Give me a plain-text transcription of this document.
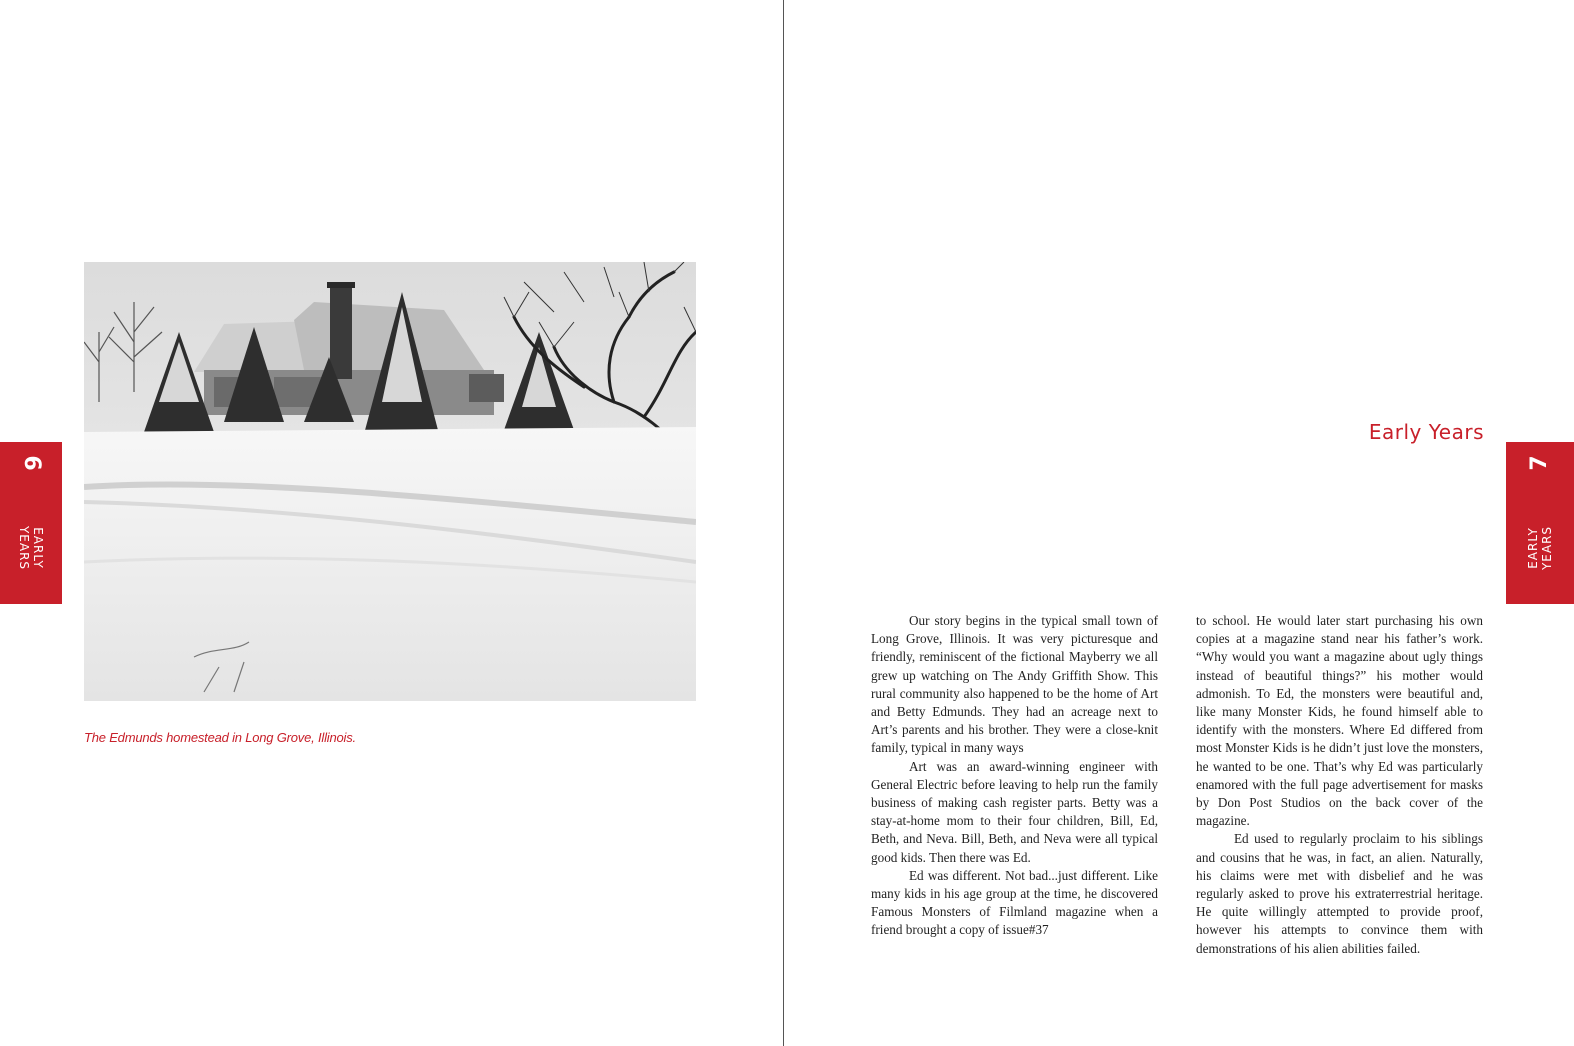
6
EARLY
YEARS
The Edmunds homestead in Long Grove, Illinois.
Early Years
7
EARLY
YEARS

Our story begins in the typical small town of Long Grove, Illinois. It was very picturesque and friendly, reminiscent of the fictional Mayberry we all grew up watching on The Andy Griffith Show. This rural community also happened to be the home of Art and Betty Edmunds. They had an acreage next to Art’s parents and his brother. They were a close-knit family, typical in many ways

Art was an award-winning engineer with General Electric before leaving to help run the family business of making cash register parts. Betty was a stay-at-home mom to their four children, Bill, Ed, Beth, and Neva. Bill, Beth, and Neva were all typical good kids. Then there was Ed.

Ed was different. Not bad...just different. Like many kids in his age group at the time, he discovered Famous Monsters of Filmland magazine when a friend brought a copy of issue#37

to school. He would later start purchasing his own copies at a magazine stand near his father’s work. “Why would you want a magazine about ugly things instead of beautiful things?” his mother would admonish. To Ed, the monsters were beautiful and, like many Monster Kids, he found himself able to identify with the monsters. Where Ed differed from most Monster Kids is he didn’t just love the monsters, he wanted to be one. That’s why Ed was particularly enamored with the full page advertisement for masks by Don Post Studios on the back cover of the magazine.

Ed used to regularly proclaim to his siblings and cousins that he was, in fact, an alien. Naturally, his claims were met with disbelief and he was regularly asked to prove his extraterrestrial heritage. He quite willingly attempted to provide proof, however his attempts to convince them with demonstrations of his alien abilities failed.
